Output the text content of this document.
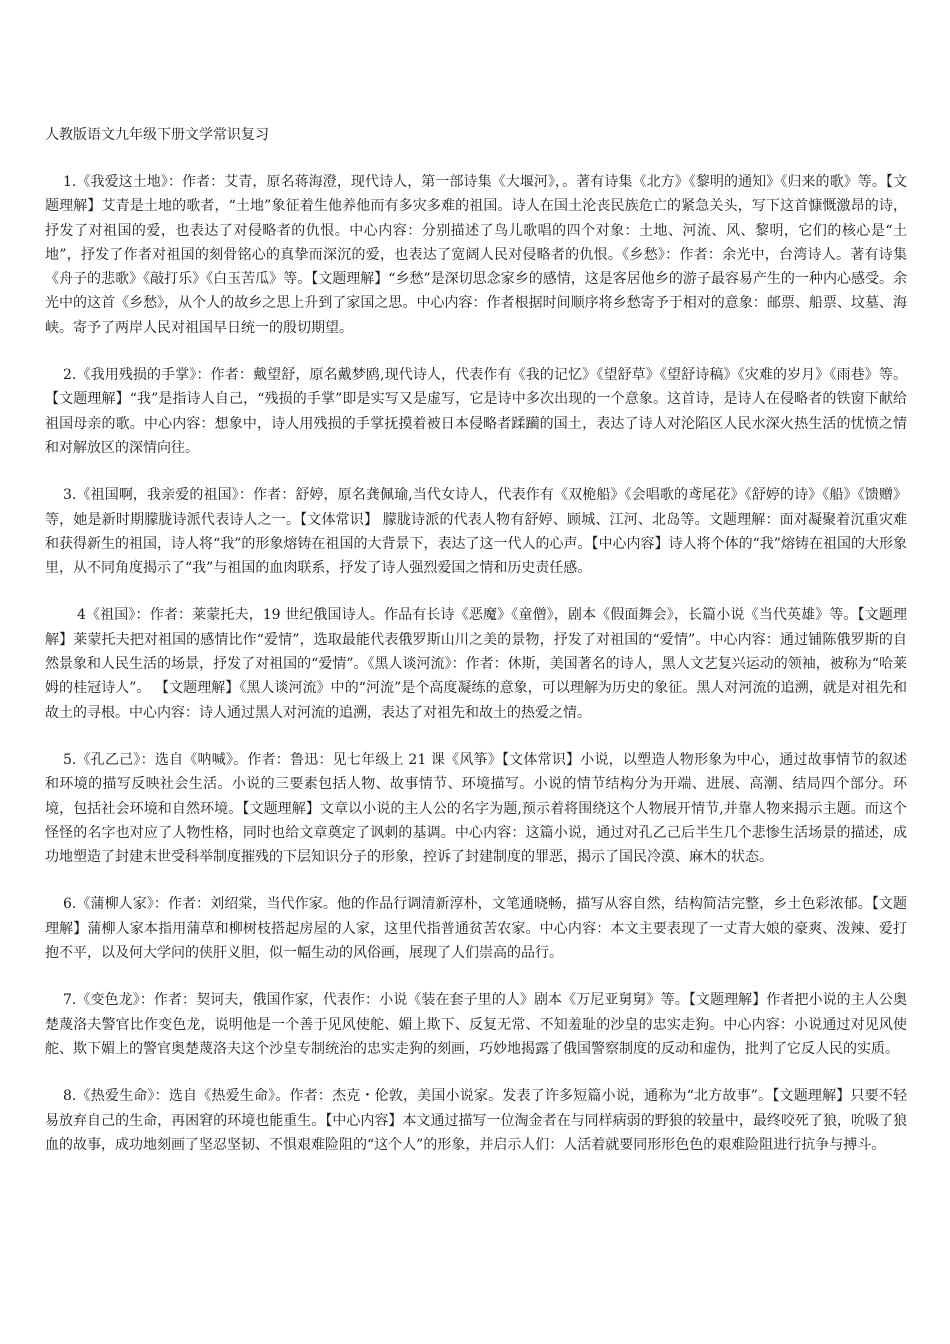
人教版语文九年级下册文学常识复习

1.《我爱这土地》：作者：艾青，原名蒋海澄，现代诗人，第一部诗集《大堰河》，。著有诗集《北方》《黎明的通知》《归来的歌》等。【文题理解】艾青是土地的歌者，“土地”象征着生他养他而有多灾多难的祖国。诗人在国土沦丧民族危亡的紧急关头，写下这首慷慨激昂的诗，抒发了对祖国的爱，也表达了对侵略者的仇恨。中心内容：分别描述了鸟儿歌唱的四个对象：土地、河流、风、黎明，它们的核心是“土地”，抒发了作者对祖国的刻骨铭心的真挚而深沉的爱，也表达了宽阔人民对侵略者的仇恨。《乡愁》：作者：余光中，台湾诗人。著有诗集《舟子的悲歌》《敲打乐》《白玉苦瓜》等。【文题理解】“乡愁”是深切思念家乡的感情，这是客居他乡的游子最容易产生的一种内心感受。余光中的这首《乡愁》，从个人的故乡之思上升到了家国之思。中心内容：作者根据时间顺序将乡愁寄予于相对的意象：邮票、船票、坟墓、海峡。寄予了两岸人民对祖国早日统一的殷切期望。

2.《我用残损的手掌》：作者：戴望舒，原名戴梦鸥,现代诗人，代表作有《我的记忆》《望舒草》《望舒诗稿》《灾难的岁月》《雨巷》等。【文题理解】“我”是指诗人自己，“残损的手掌”即是实写又是虚写，它是诗中多次出现的一个意象。这首诗，是诗人在侵略者的铁窗下献给祖国母亲的歌。中心内容：想象中，诗人用残损的手掌抚摸着被日本侵略者蹂躏的国土，表达了诗人对沦陷区人民水深火热生活的忧愤之情和对解放区的深情向往。

3.《祖国啊，我亲爱的祖国》：作者：舒婷，原名龚佩瑜,当代女诗人，代表作有《双桅船》《会唱歌的鸢尾花》《舒婷的诗》《船》《馈赠》等，她是新时期朦胧诗派代表诗人之一。【文体常识】 朦胧诗派的代表人物有舒婷、顾城、江河、北岛等。文题理解：面对凝聚着沉重灾难和获得新生的祖国，诗人将“我”的形象熔铸在祖国的大背景下，表达了这一代人的心声。【中心内容】诗人将个体的“我”熔铸在祖国的大形象里，从不同角度揭示了“我”与祖国的血肉联系，抒发了诗人强烈爱国之情和历史责任感。

4《祖国》：作者：莱蒙托夫，19 世纪俄国诗人。作品有长诗《恶魔》《童僧》，剧本《假面舞会》，长篇小说《当代英雄》等。【文题理解】莱蒙托夫把对祖国的感情比作“爱情”，选取最能代表俄罗斯山川之美的景物，抒发了对祖国的“爱情”。中心内容：通过铺陈俄罗斯的自然景象和人民生活的场景，抒发了对祖国的“爱情”。《黑人谈河流》：作者：休斯，美国著名的诗人，黑人文艺复兴运动的领袖，被称为“哈莱姆的桂冠诗人”。 【文题理解】《黑人谈河流》中的“河流”是个高度凝练的意象，可以理解为历史的象征。黑人对河流的追溯，就是对祖先和故土的寻根。中心内容：诗人通过黑人对河流的追溯，表达了对祖先和故土的热爱之情。

5.《孔乙己》：选自《呐喊》。作者：鲁迅：见七年级上 21 课《风筝》【文体常识】小说，以塑造人物形象为中心，通过故事情节的叙述和环境的描写反映社会生活。小说的三要素包括人物、故事情节、环境描写。小说的情节结构分为开端、进展、高潮、结局四个部分。环境，包括社会环境和自然环境。【文题理解】文章以小说的主人公的名字为题,预示着将围绕这个人物展开情节,并靠人物来揭示主题。而这个怪怪的名字也对应了人物性格，同时也给文章奠定了讽刺的基调。中心内容：这篇小说，通过对孔乙己后半生几个悲惨生活场景的描述，成功地塑造了封建末世受科举制度摧残的下层知识分子的形象，控诉了封建制度的罪恶，揭示了国民冷漠、麻木的状态。

6.《蒲柳人家》：作者：刘绍棠，当代作家。他的作品行调清新淳朴，文笔通晓畅，描写从容自然，结构简洁完整，乡土色彩浓郁。【文题理解】蒲柳人家本指用蒲草和柳树枝搭起房屋的人家，这里代指普通贫苦农家。中心内容：本文主要表现了一丈青大娘的豪爽、泼辣、爱打抱不平，以及何大学问的侠肝义胆，似一幅生动的风俗画，展现了人们崇高的品行。

7.《变色龙》：作者：契诃夫，俄国作家，代表作：小说《装在套子里的人》剧本《万尼亚舅舅》等。【文题理解】作者把小说的主人公奥楚蔑洛夫警官比作变色龙，说明他是一个善于见风使舵、媚上欺下、反复无常、不知羞耻的沙皇的忠实走狗。中心内容：小说通过对见风使舵、欺下媚上的警官奥楚蔑洛夫这个沙皇专制统治的忠实走狗的刻画，巧妙地揭露了俄国警察制度的反动和虚伪，批判了它反人民的实质。

8.《热爱生命》：选自《热爱生命》。作者：杰克・伦敦，美国小说家。发表了许多短篇小说，通称为“北方故事”。【文题理解】只要不轻易放弃自己的生命，再困窘的环境也能重生。【中心内容】本文通过描写一位淘金者在与同样病弱的野狼的较量中，最终咬死了狼，吮吸了狼血的故事，成功地刻画了坚忍坚韧、不惧艰难险阻的“这个人”的形象，并启示人们：人活着就要同形形色色的艰难险阻进行抗争与搏斗。
